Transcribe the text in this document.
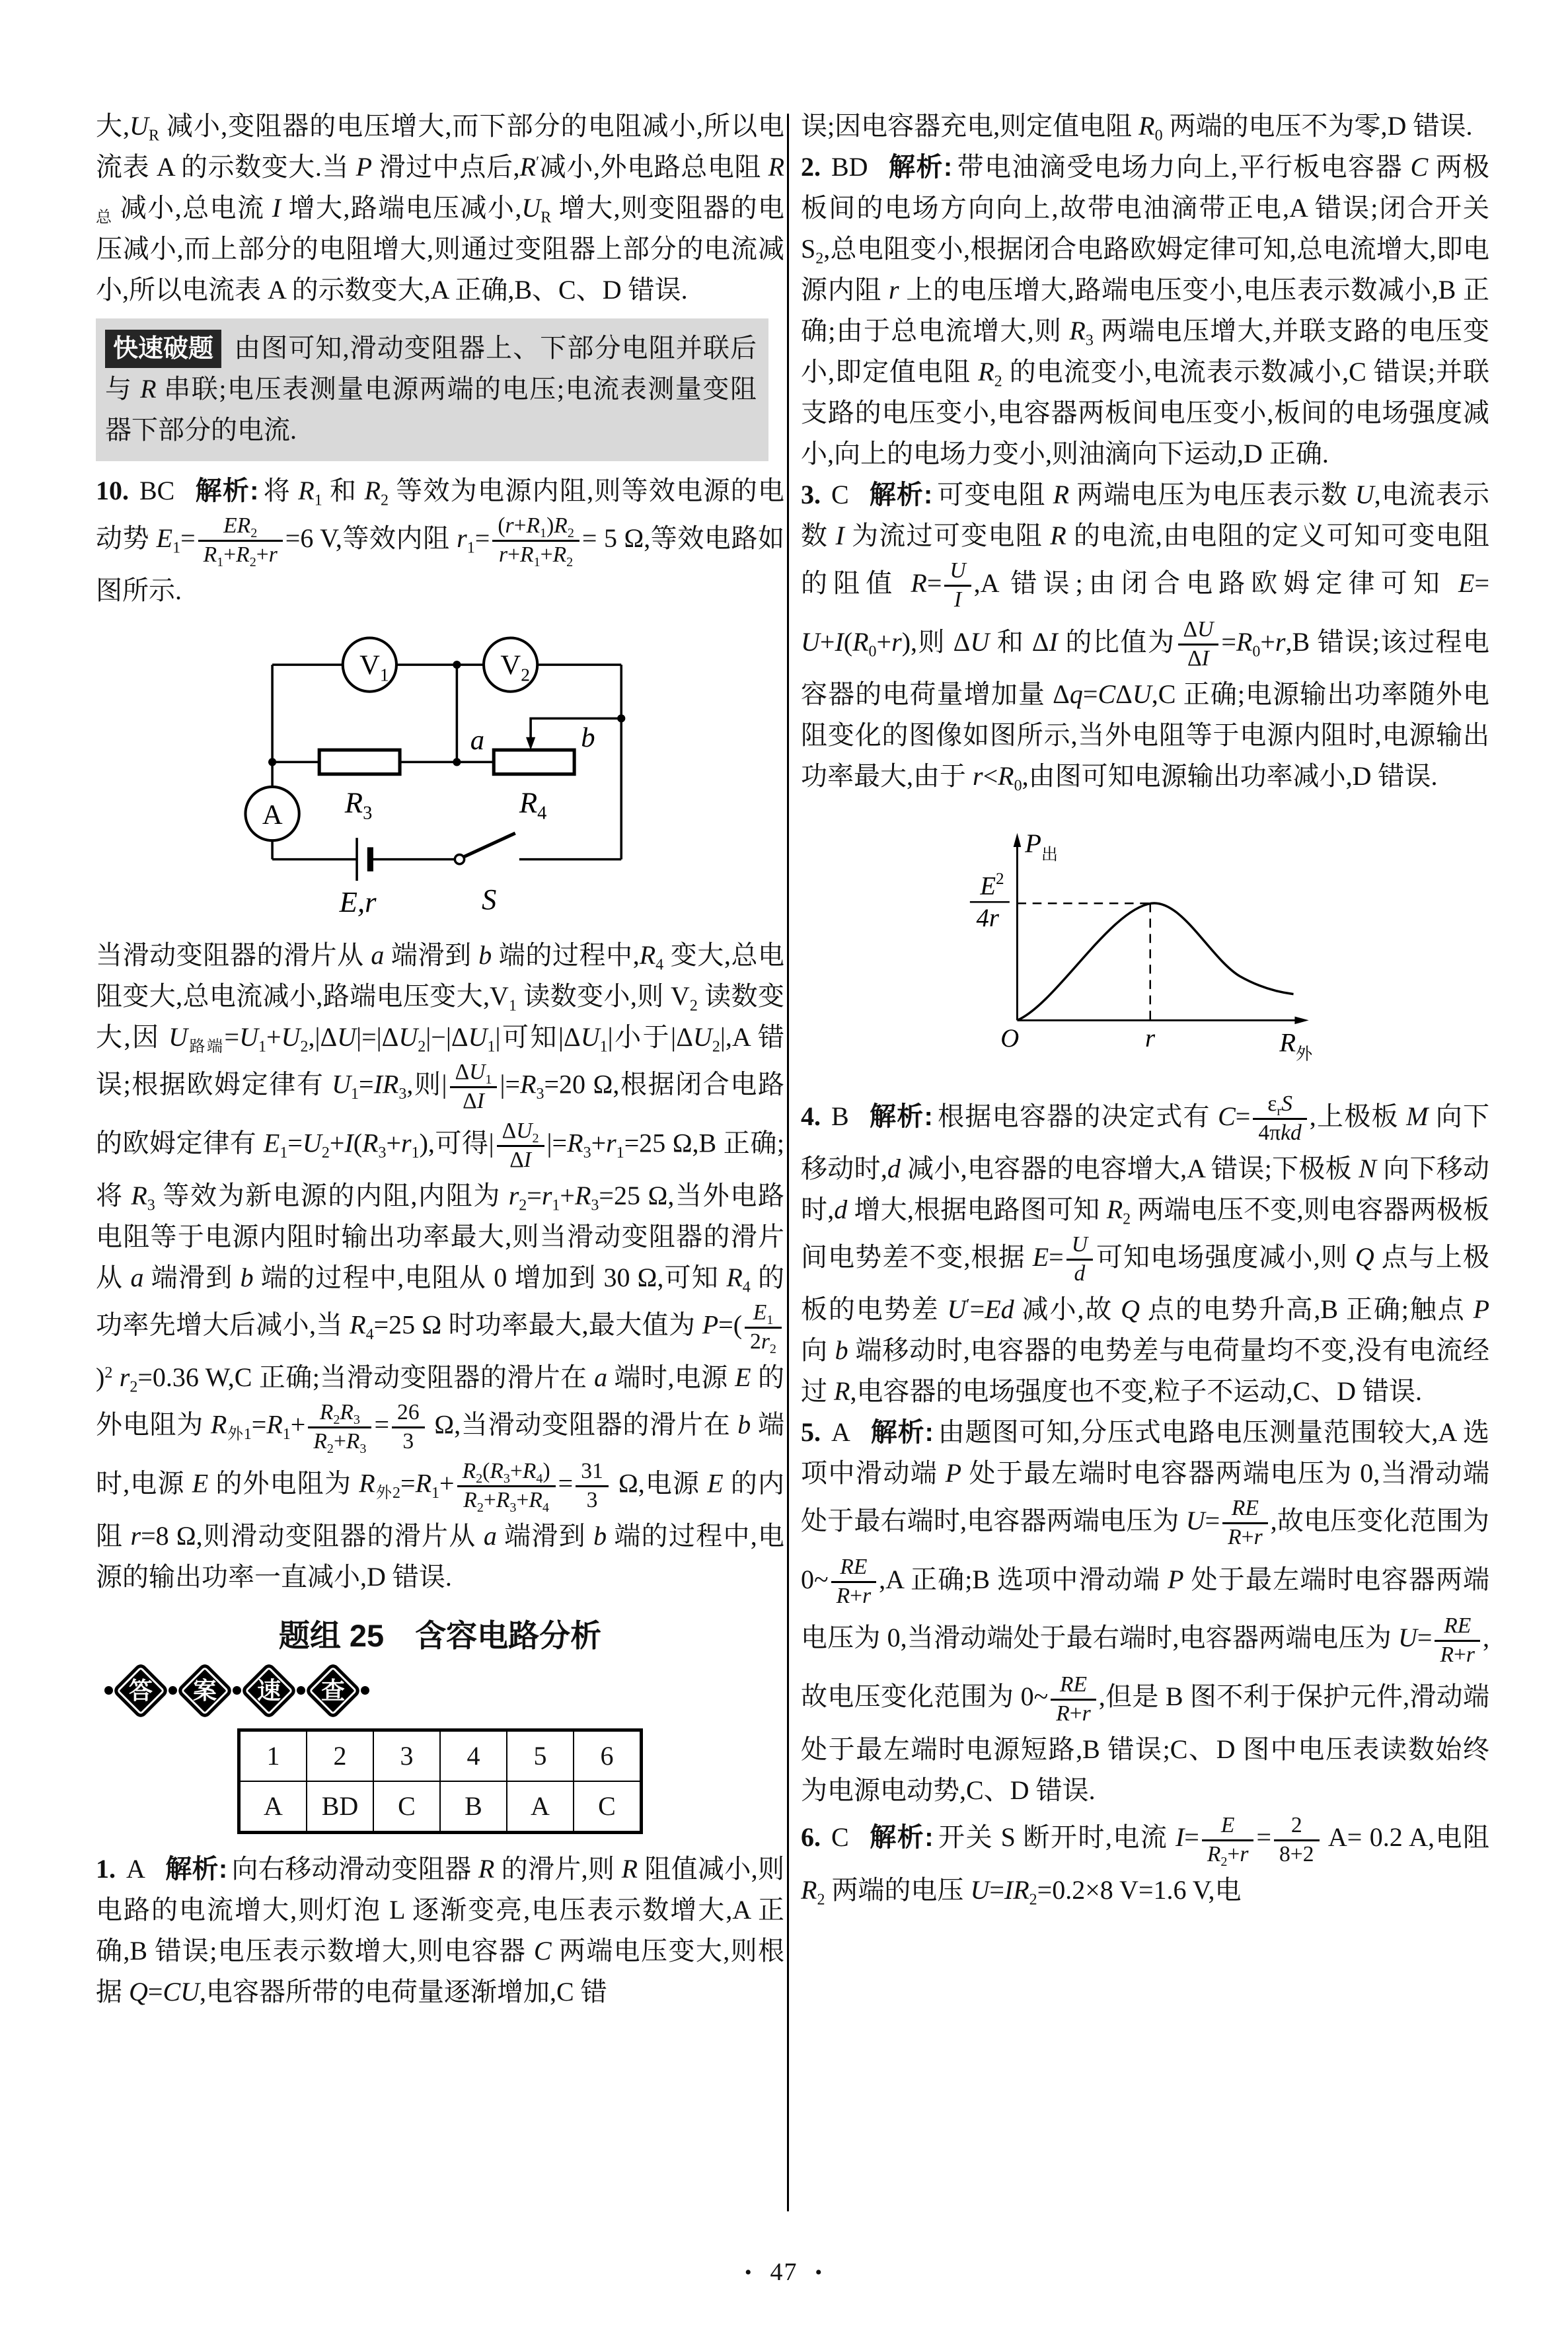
大$,U_R$ 减小,变阻器的电压增大,而下部分的电阻减小,所以电流表 A 的示数变大.当 P 滑过中点后,R′减小,外电路总电阻 $R_总$ 减小,总电流 I 增大,路端电压减小$,U_R$ 增大,则变阻器的电压减小,而上部分的电阻增大,则通过变阻器上部分的电流减小,所以电流表 A 的示数变大,A 正确,B、C、D 错误.

快速破题 由图可知,滑动变阻器上、下部分电阻并联后与 R 串联;电压表测量电源两端的电压;电流表测量变阻器下部分的电流.

10. BC 解析: 将 $R_1$ 和 $R_2$ 等效为电源内阻,则等效电源的电动势 $E_1= \frac{ER_2}{R_1+R_2+r} =6$ V,等效内阻 $r_1= \frac{(r+R_1)R_2}{r+R_1+R_2} = 5$ Ω,等效电路如图所示.

$V_1$	$V_2$
A $R_3$	$R_4$
a	b
E,r	S

当滑动变阻器的滑片从 a 端滑到 b 端的过程中$,R_4$ 变大,总电阻变大,总电流减小,路端电压变大$,V_1$ 读数变小,则 $V_2$ 读数变大,因 $U_{路端}=U_1+U_2,|\Delta U|=|\Delta U_2|-|\Delta U_1|$可知$|\Delta U_1|$小于$|\Delta U_2|,A$ 错误;根据欧姆定律有 $U_1=IR_3$,则| $\frac{\Delta U_1}{\Delta I} |=R_3=20$ Ω,根据闭合电路的欧姆定律有 $E_1=U_2+I(R_3+r_1)$,可得| $\frac{\Delta U_2}{\Delta I} |=R_3+r_1=25$ Ω,B 正确;将 $R_3$ 等效为新电源的内阻,内阻为 $r_2=r_1+R_3=25$ Ω,当外电路电阻等于电源内阻时输出功率最大,则当滑动变阻器的滑片从 a 端滑到 b 端的过程中,电阻从 0 增加到 30 Ω,可知 $R_4$ 的功率先增大后减小,当 $R_4=25$ Ω 时功率最大,最大值为 $P=( \frac{E_1}{2r_2}$
)$^2$ $r_2=0.36$ W,C 正确;当滑动变阻器的滑片在 a 端时,电源 E 的外电阻为 $R_{外1}=R_1+ \frac{R_2R_3}{R_2+R_3} = \frac{26}{3} \Omega$,当滑动变阻器的滑片在 b 端时,电源 E 的外电阻为 $R_{外2}=R_1+ \frac{R_2(R_3+R_4)}{R_2+R_3+R_4} = \frac{31}{3} \Omega$,电源 E 的内阻 r=8 Ω,则滑动变阻器的滑片从 a 端滑到 b 端的过程中,电源的输出功率一直减小,D 错误.

题组 25　含容电路分析
答 案 速 查
1	2	3	4	5	6
A	BD	C	B	A	C

1. A 解析: 向右移动滑动变阻器 R 的滑片,则 R 阻值减小,则电路的电流增大,则灯泡 L 逐渐变亮,电压表示数增大,A 正确,B 错误;电压表示数增大,则电容器 C 两端电压变大,则根据 Q=CU,电容器所带的电荷量逐渐增加,C 错

误;因电容器充电,则定值电阻 $R_0$ 两端的电压不为零,D 错误.

2. BD 解析: 带电油滴受电场力向上,平行板电容器 C 两极板间的电场方向向上,故带电油滴带正电,A 错误;闭合开关 $S_2$,总电阻变小,根据闭合电路欧姆定律可知,总电流增大,即电源内阻 r 上的电压增大,路端电压变小,电压表示数减小,B 正确;由于总电流增大,则 $R_3$ 两端电压增大,并联支路的电压变小,即定值电阻 $R_2$ 的电流变小,电流表示数减小,C 错误;并联支路的电压变小,电容器两板间电压变小,板间的电场强度减小,向上的电场力变小,则油滴向下运动,D 正确.

3. C 解析: 可变电阻 R 两端电压为电压表示数 U,电流表示数 I 为流过可变电阻 R 的电流,由电阻的定义可知可变电阻的阻值 $R= \frac{U}{I} ,A$ 错误;由闭合电路欧姆定律可知 $E= U+I(R_0+r)$,则 ΔU 和 ΔI 的比值为 $\frac{\Delta U}{\Delta I} =R_0+r,B$ 错误;该过程电容器的电荷量增加量 Δq=CΔU,C 正确;电源输出功率随外电阻变化的图像如图所示,当外电阻等于电源内阻时,电源输出功率最大,由于 $r<R_0$,由图可知电源输出功率减小,D 错误.

$P_出$
$E^2$
4r
O	r	$R_外$

4. B 解析: 根据电容器的决定式有 $C= \frac{\varepsilon_rS}{\text{4πkd}}$ ,上极板 M 向下移动时,d 减小,电容器的电容增大,A 错误;下极板 N 向下移动时,d 增大,根据电路图可知 $R_2$ 两端电压不变,则电容器两极板间电势差不变,根据 $E= \frac{U}{d}$ 可知电场强度减小,则 Q 点与上极板的电势差 U′=Ed 减小,故 Q 点的电势升高,B 正确;触点 P 向 b 端移动时,电容器的电势差与电荷量均不变,没有电流经过 R,电容器的电场强度也不变,粒子不运动,C、D 错误.

5. A 解析: 由题图可知,分压式电路电压测量范围较大,A 选项中滑动端 P 处于最左端时电容器两端电压为 0,当滑动端处于最右端时,电容器两端电压为 $U= \frac{RE}{R+r}$ ,故电压变化范围为 0~ $\frac{RE}{R+r} ,A$ 正确;B 选项中滑动端 P 处于最左端时电容器两端电压为 0,当滑动端处于最右端时,电容器两端电压为 $U= \frac{RE}{R+r}$ ,故电压变化范围为 0~ $\frac{RE}{R+r}$ ,但是 B 图不利于保护元件,滑动端处于最左端时电源短路,B 错误;C、D 图中电压表读数始终为电源电动势,C、D 错误.

6. C 解析: 开关 S 断开时,电流 $I= \frac{E}{R_2+r} = \frac{2}{8+2} A= 0.2$ A,电阻 $R_2$ 两端的电压 $U=IR_2=0.2\times 8$ V=1.6 V,电

• 47 •
